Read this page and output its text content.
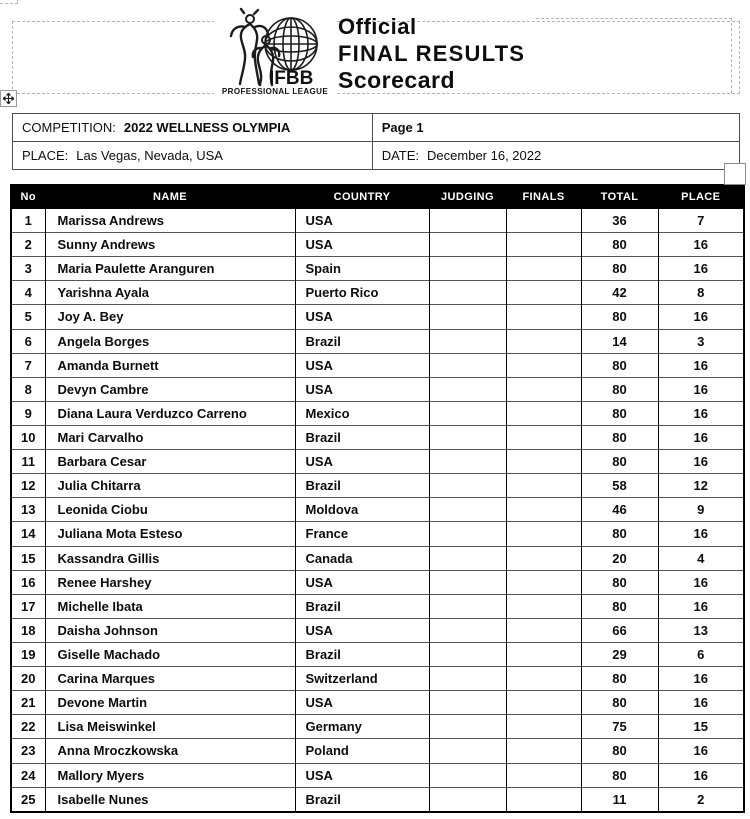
IFBB
PROFESSIONAL LEAGUE
Official
FINAL RESULTS
Scorecard
COMPETITION: 2022 WELLNESS OLYMPIA	Page 1
PLACE: Las Vegas, Nevada, USA	DATE: December 16, 2022
No	NAME	COUNTRY	JUDGING	FINALS	TOTAL	PLACE
1	Marissa Andrews	USA			36	7
2	Sunny Andrews	USA			80	16
3	Maria Paulette Aranguren	Spain			80	16
4	Yarishna Ayala	Puerto Rico			42	8
5	Joy A. Bey	USA			80	16
6	Angela Borges	Brazil			14	3
7	Amanda Burnett	USA			80	16
8	Devyn Cambre	USA			80	16
9	Diana Laura Verduzco Carreno	Mexico			80	16
10	Mari Carvalho	Brazil			80	16
11	Barbara Cesar	USA			80	16
12	Julia Chitarra	Brazil			58	12
13	Leonida Ciobu	Moldova			46	9
14	Juliana Mota Esteso	France			80	16
15	Kassandra Gillis	Canada			20	4
16	Renee Harshey	USA			80	16
17	Michelle Ibata	Brazil			80	16
18	Daisha Johnson	USA			66	13
19	Giselle Machado	Brazil			29	6
20	Carina Marques	Switzerland			80	16
21	Devone Martin	USA			80	16
22	Lisa Meiswinkel	Germany			75	15
23	Anna Mroczkowska	Poland			80	16
24	Mallory Myers	USA			80	16
25	Isabelle Nunes	Brazil			11	2
